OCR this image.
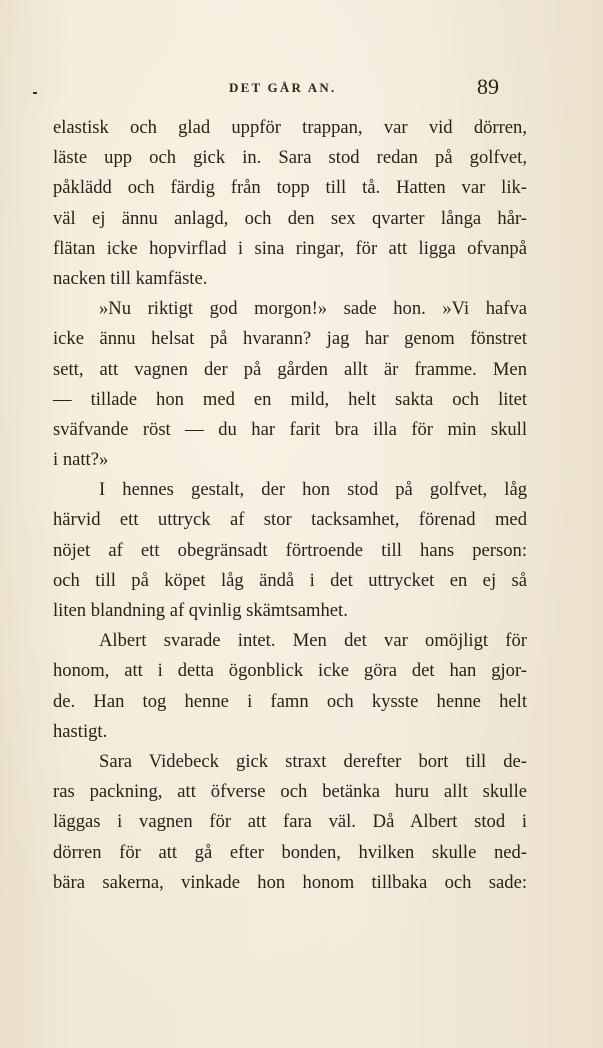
DET GÅR AN.	89
elastisk och glad uppför trappan, var vid dörren,
läste upp och gick in. Sara stod redan på golfvet,
påklädd och färdig från topp till tå. Hatten var lik-
väl ej ännu anlagd, och den sex qvarter långa hår-
flätan icke hopvirflad i sina ringar, för att ligga ofvanpå
nacken till kamfäste.
»Nu riktigt god morgon!» sade hon. »Vi hafva
icke ännu helsat på hvarann? jag har genom fönstret
sett, att vagnen der på gården allt är framme. Men
— tillade hon med en mild, helt sakta och litet
sväfvande röst — du har farit bra illa för min skull
i natt?»
I hennes gestalt, der hon stod på golfvet, låg
härvid ett uttryck af stor tacksamhet, förenad med
nöjet af ett obegränsadt förtroende till hans person:
och till på köpet låg ändå i det uttrycket en ej så
liten blandning af qvinlig skämtsamhet.
Albert svarade intet. Men det var omöjligt för
honom, att i detta ögonblick icke göra det han gjor-
de. Han tog henne i famn och kysste henne helt
hastigt.
Sara Videbeck gick straxt derefter bort till de-
ras packning, att öfverse och betänka huru allt skulle
läggas i vagnen för att fara väl. Då Albert stod i
dörren för att gå efter bonden, hvilken skulle ned-
bära sakerna, vinkade hon honom tillbaka och sade:
